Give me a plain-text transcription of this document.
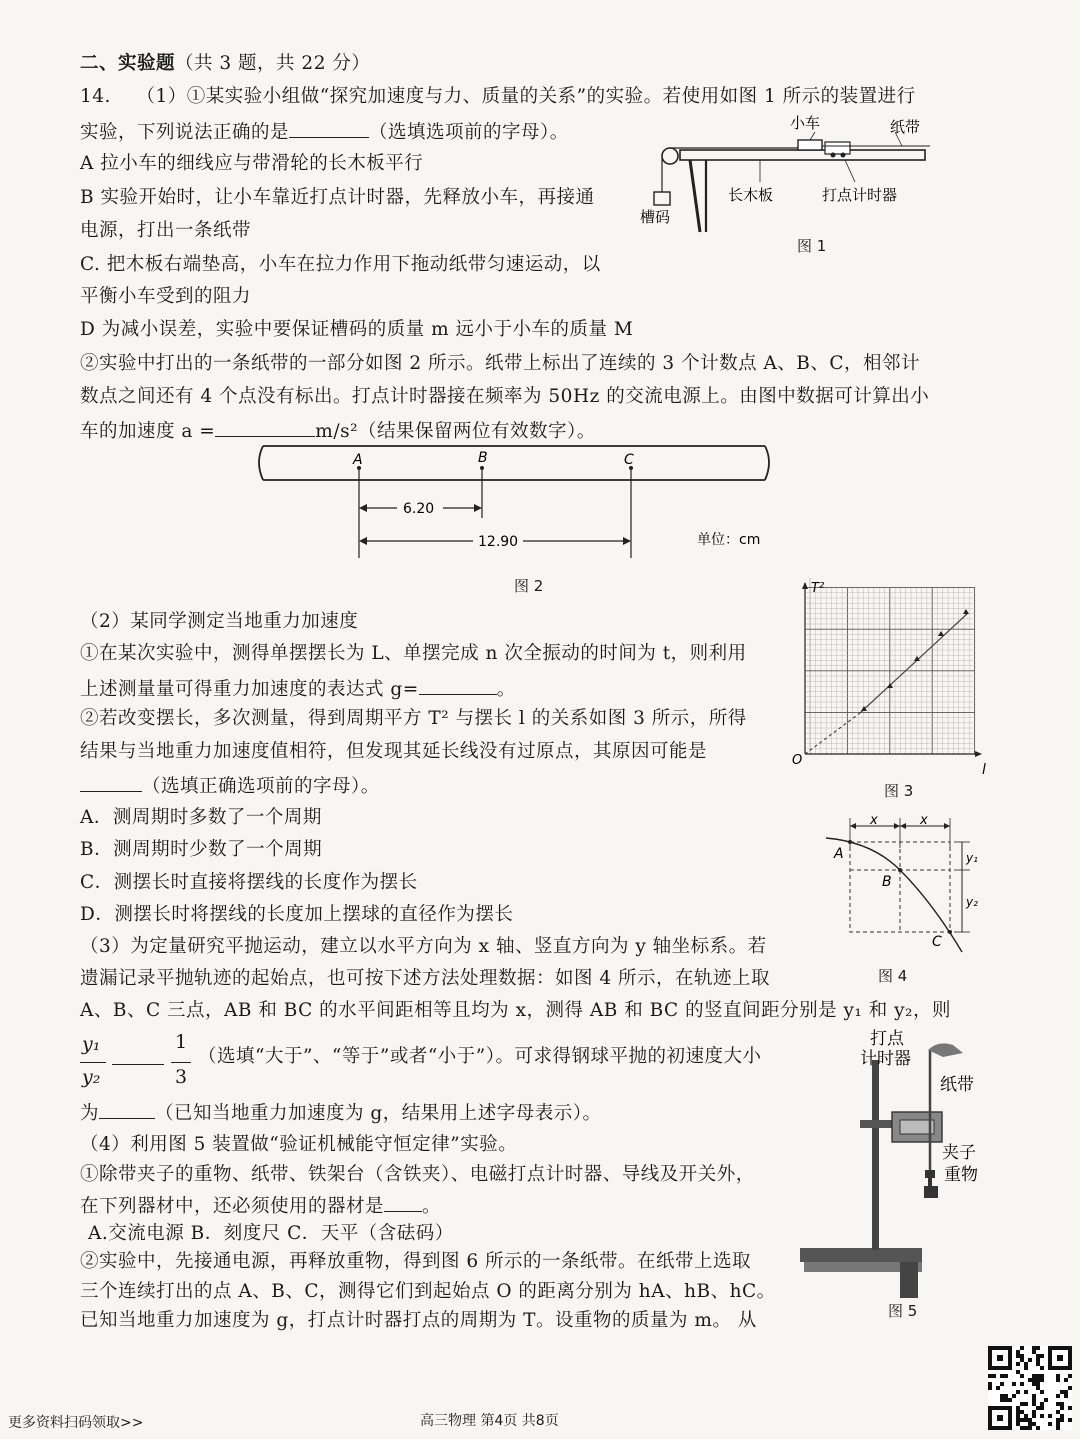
二、实验题（共 3 题，共 22 分）
14. （1）①某实验小组做“探究加速度与力、质量的关系”的实验。若使用如图 1 所示的装置进行
实验，下列说法正确的是	（选填选项前的字母）。
A 拉小车的细线应与带滑轮的长木板平行
B 实验开始时，让小车靠近打点计时器，先释放小车，再接通
电源，打出一条纸带
C. 把木板右端垫高，小车在拉力作用下拖动纸带匀速运动，以
平衡小车受到的阻力
D 为减小误差，实验中要保证槽码的质量 m 远小于小车的质量 M
②实验中打出的一条纸带的一部分如图 2 所示。纸带上标出了连续的 3 个计数点 A、B、C，相邻计
数点之间还有 4 个点没有标出。打点计时器接在频率为 50Hz 的交流电源上。由图中数据可计算出小
车的加速度 a =	m/s²（结果保留两位有效数字）。
小车	纸带
槽码
长木板	打点计时器
图 1
A	B	C
6.20
12.90	单位：cm
图 2
（2）某同学测定当地重力加速度
①在某次实验中，测得单摆摆长为 L、单摆完成 n 次全振动的时间为 t，则利用
上述测量量可得重力加速度的表达式 g=	。
②若改变摆长，多次测量，得到周期平方 T² 与摆长 l 的关系如图 3 所示，所得
结果与当地重力加速度值相符，但发现其延长线没有过原点，其原因可能是
（选填正确选项前的字母）。
A．测周期时多数了一个周期
B．测周期时少数了一个周期
C．测摆长时直接将摆线的长度作为摆长
D．测摆长时将摆线的长度加上摆球的直径作为摆长
T²
l
O
图 3
x	x
y₁
y₂
A
B
C
图 4
（3）为定量研究平抛运动，建立以水平方向为 x 轴、竖直方向为 y 轴坐标系。若
遗漏记录平抛轨迹的起始点，也可按下述方法处理数据：如图 4 所示，在轨迹上取
A、B、C 三点，AB 和 BC 的水平间距相等且均为 x，测得 AB 和 BC 的竖直间距分别是 y₁ 和 y₂，则
y₁
y₂
1
3
（选填“大于”、“等于”或者“小于”）。可求得钢球平抛的初速度大小
为	（已知当地重力加速度为 g，结果用上述字母表示）。
（4）利用图 5 装置做“验证机械能守恒定律”实验。
①除带夹子的重物、纸带、铁架台（含铁夹）、电磁打点计时器、导线及开关外，
在下列器材中，还必须使用的器材是 。
A.交流电源 B．刻度尺 C．天平（含砝码）
②实验中，先接通电源，再释放重物，得到图 6 所示的一条纸带。在纸带上选取
三个连续打出的点 A、B、C，测得它们到起始点 O 的距离分别为 hA、hB、hC。
已知当地重力加速度为 g，打点计时器打点的周期为 T。设重物的质量为 m。 从
打点
计时器
纸带
夹子
重物
图 5
更多资料扫码领取>>	高三物理 第4页 共8页
